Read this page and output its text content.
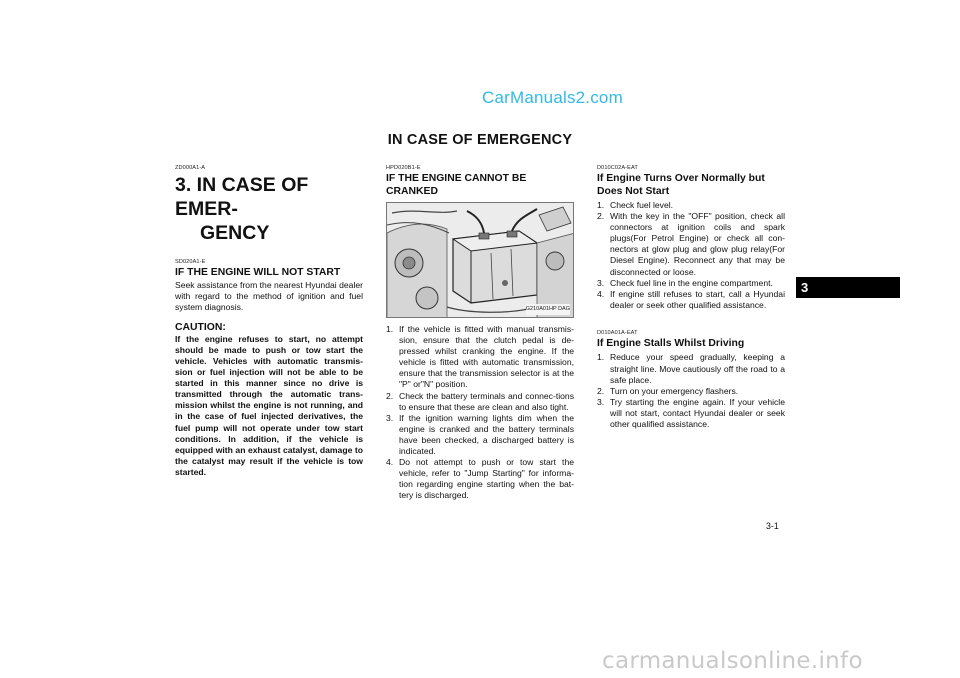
CarManuals2.com
IN CASE OF EMERGENCY
ZD000A1-A
3. IN CASE OF EMER-
GENCY
SD020A1-E
IF THE ENGINE WILL NOT START
Seek assistance from the nearest Hyundai dealer with regard to the method of ignition and fuel system diagnosis.
CAUTION:
If the engine refuses to start, no attempt should be made to push or tow start the vehicle. Vehicles with automatic transmis-sion or fuel injection will not be able to be started in this manner since no drive is transmitted through the automatic trans-mission whilst the engine is not running, and in the case of fuel injected derivatives, the fuel pump will not operate under tow start conditions. In addition, if the vehicle is equipped with an exhaust catalyst, damage to the catalyst may result if the vehicle is tow started.
HPD020B1-E
IF THE ENGINE CANNOT BE CRANKED
G210A01HP DAG
1. If the vehicle is fitted with manual transmis-sion, ensure that the clutch pedal is de-pressed whilst cranking the engine. If the vehicle is fitted with automatic transmission, ensure that the transmission selector is at the "P" or"N" position.
2. Check the battery terminals and connec-tions to ensure that these are clean and also tight.
3. If the ignition warning lights dim when the engine is cranked and the battery terminals have been checked, a discharged battery is indicated.
4. Do not attempt to push or tow start the vehicle, refer to "Jump Starting" for informa-tion regarding engine starting when the bat-tery is discharged.
D010C02A-EAT
If Engine Turns Over Normally but Does Not Start
1. Check fuel level.
2. With the key in the "OFF" position, check all connectors at ignition coils and spark plugs(For Petrol Engine) or check all con-nectors at glow plug and glow plug relay(For Diesel Engine). Reconnect any that may be disconnected or loose.
3. Check fuel line in the engine compartment.
4. If engine still refuses to start, call a Hyundai dealer or seek other qualified assistance.
D010A01A-EAT
If Engine Stalls Whilst Driving
1. Reduce your speed gradually, keeping a straight line. Move cautiously off the road to a safe place.
2. Turn on your emergency flashers.
3. Try starting the engine again. If your vehicle will not start, contact Hyundai dealer or seek other qualified assistance.
3
3-1
carmanualsonline.info
